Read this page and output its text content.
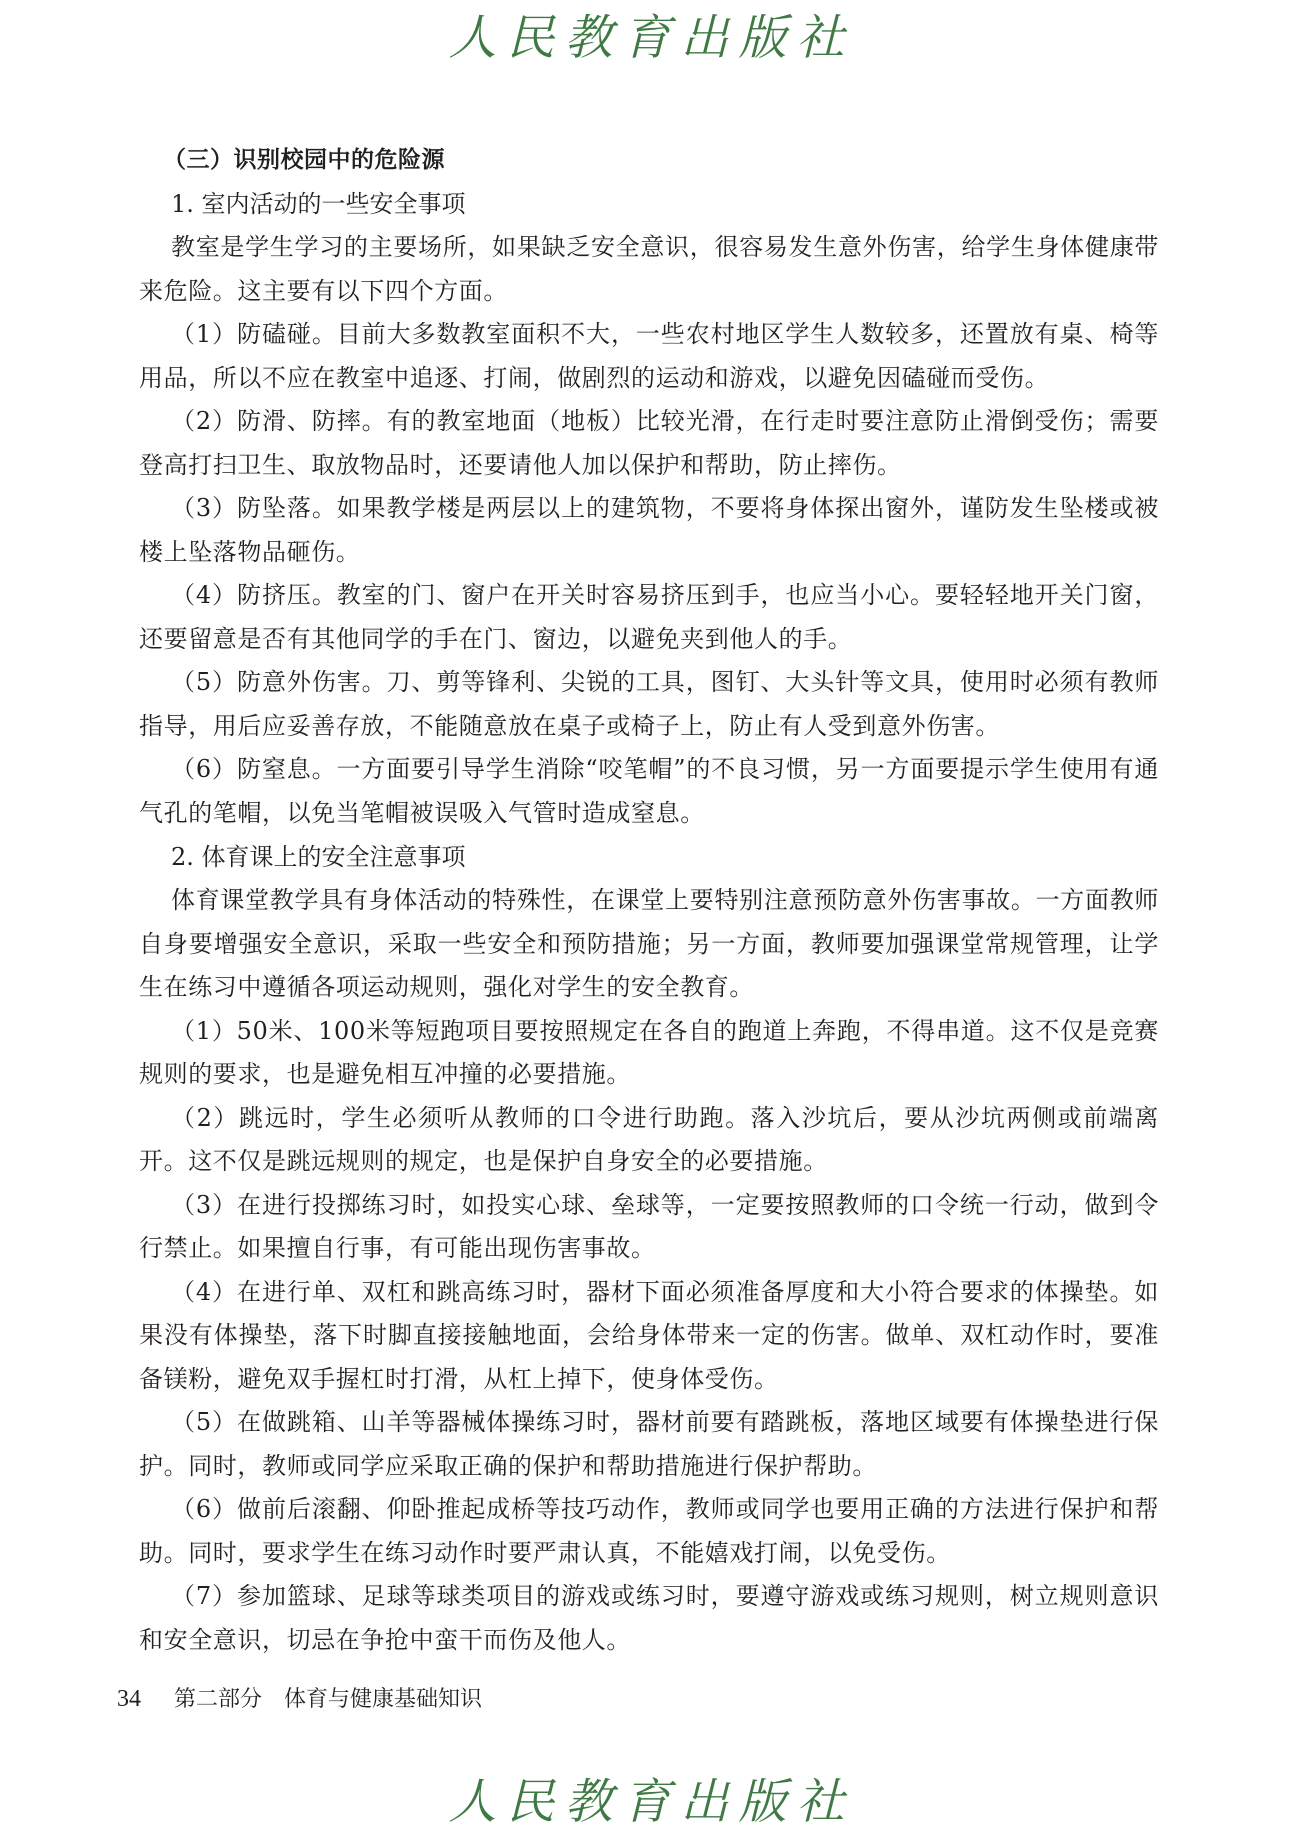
人民教育出版社

（三）识别校园中的危险源

1. 室内活动的一些安全事项

教室是学生学习的主要场所，如果缺乏安全意识，很容易发生意外伤害，给学生身体健康带来危险。这主要有以下四个方面。

（1）防磕碰。目前大多数教室面积不大，一些农村地区学生人数较多，还置放有桌、椅等用品，所以不应在教室中追逐、打闹，做剧烈的运动和游戏，以避免因磕碰而受伤。

（2）防滑、防摔。有的教室地面（地板）比较光滑，在行走时要注意防止滑倒受伤；需要登高打扫卫生、取放物品时，还要请他人加以保护和帮助，防止摔伤。

（3）防坠落。如果教学楼是两层以上的建筑物，不要将身体探出窗外，谨防发生坠楼或被楼上坠落物品砸伤。

（4）防挤压。教室的门、窗户在开关时容易挤压到手，也应当小心。要轻轻地开关门窗，还要留意是否有其他同学的手在门、窗边，以避免夹到他人的手。

（5）防意外伤害。刀、剪等锋利、尖锐的工具，图钉、大头针等文具，使用时必须有教师指导，用后应妥善存放，不能随意放在桌子或椅子上，防止有人受到意外伤害。

（6）防窒息。一方面要引导学生消除“咬笔帽”的不良习惯，另一方面要提示学生使用有通气孔的笔帽，以免当笔帽被误吸入气管时造成窒息。

2. 体育课上的安全注意事项

体育课堂教学具有身体活动的特殊性，在课堂上要特别注意预防意外伤害事故。一方面教师自身要增强安全意识，采取一些安全和预防措施；另一方面，教师要加强课堂常规管理，让学生在练习中遵循各项运动规则，强化对学生的安全教育。

（1）50米、100米等短跑项目要按照规定在各自的跑道上奔跑，不得串道。这不仅是竞赛规则的要求，也是避免相互冲撞的必要措施。

（2）跳远时，学生必须听从教师的口令进行助跑。落入沙坑后，要从沙坑两侧或前端离开。这不仅是跳远规则的规定，也是保护自身安全的必要措施。

（3）在进行投掷练习时，如投实心球、垒球等，一定要按照教师的口令统一行动，做到令行禁止。如果擅自行事，有可能出现伤害事故。

（4）在进行单、双杠和跳高练习时，器材下面必须准备厚度和大小符合要求的体操垫。如果没有体操垫，落下时脚直接接触地面，会给身体带来一定的伤害。做单、双杠动作时，要准备镁粉，避免双手握杠时打滑，从杠上掉下，使身体受伤。

（5）在做跳箱、山羊等器械体操练习时，器材前要有踏跳板，落地区域要有体操垫进行保护。同时，教师或同学应采取正确的保护和帮助措施进行保护帮助。

（6）做前后滚翻、仰卧推起成桥等技巧动作，教师或同学也要用正确的方法进行保护和帮助。同时，要求学生在练习动作时要严肃认真，不能嬉戏打闹，以免受伤。

（7）参加篮球、足球等球类项目的游戏或练习时，要遵守游戏或练习规则，树立规则意识和安全意识，切忌在争抢中蛮干而伤及他人。

34 第二部分　体育与健康基础知识
人民教育出版社
